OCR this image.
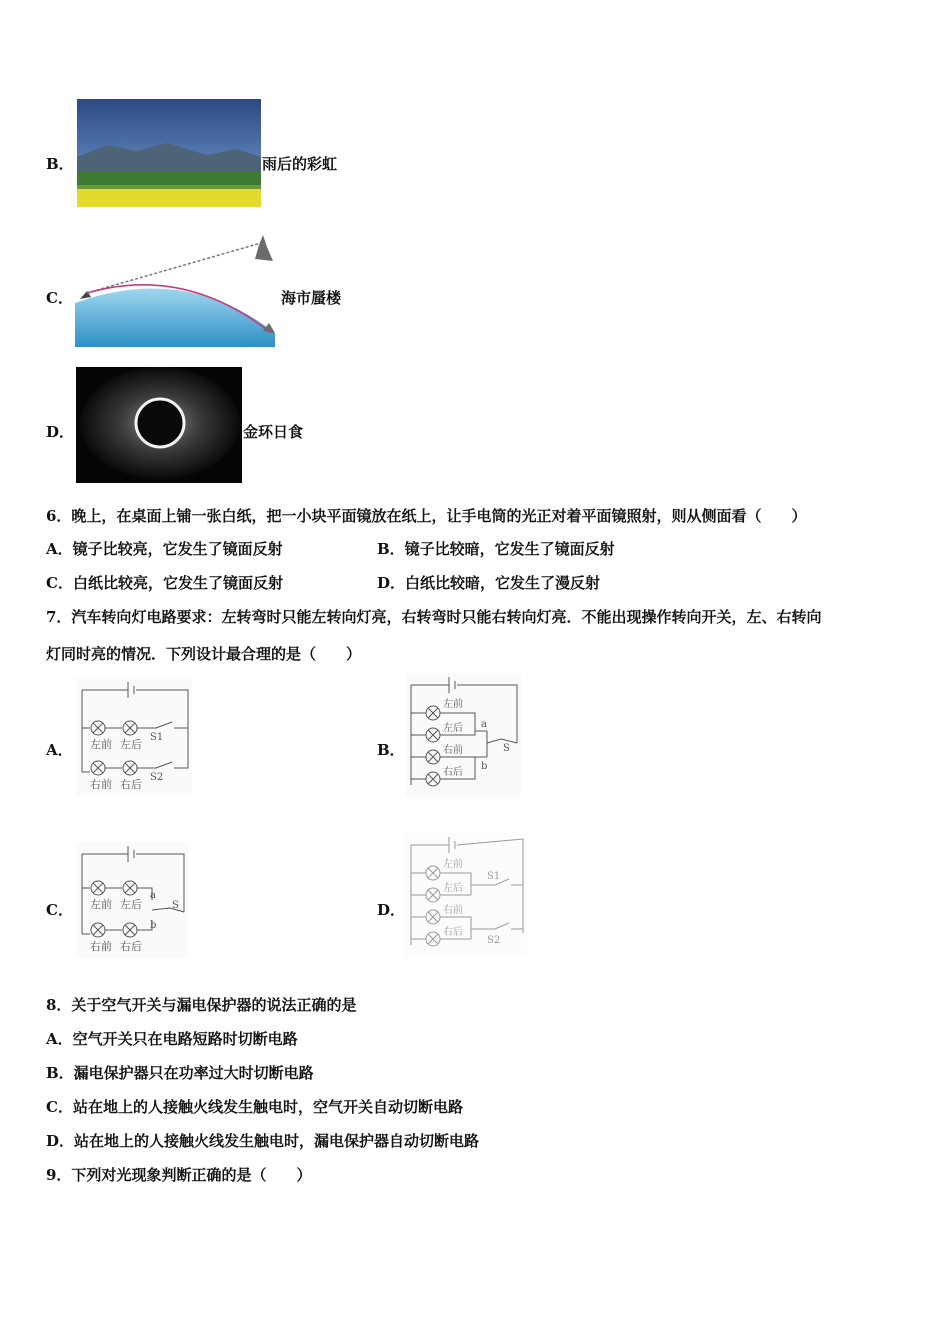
B．	雨后的彩虹
C．	海市蜃楼
D．	金环日食
6．晚上，在桌面上铺一张白纸，把一小块平面镜放在纸上，让手电筒的光正对着平面镜照射，则从侧面看（　　）
A．镜子比较亮，它发生了镜面反射	B．镜子比较暗，它发生了镜面反射
C．白纸比较亮，它发生了镜面反射	D．白纸比较暗，它发生了漫反射
7．汽车转向灯电路要求：左转弯时只能左转向灯亮，右转弯时只能右转向灯亮．不能出现操作转向开关，左、右转向
灯同时亮的情况．下列设计最合理的是（　　）
A． 左前 左后
S1
右前 右后
S2
B．
左前
左后
右前
右后
a
b
S
C． 左前 左后
a
b
S
右前 右后
D．
左前
左后
右前
右后
S1
S2
8．关于空气开关与漏电保护器的说法正确的是
A．空气开关只在电路短路时切断电路
B．漏电保护器只在功率过大时切断电路
C．站在地上的人接触火线发生触电时，空气开关自动切断电路
D．站在地上的人接触火线发生触电时，漏电保护器自动切断电路
9．下列对光现象判断正确的是（　　）
